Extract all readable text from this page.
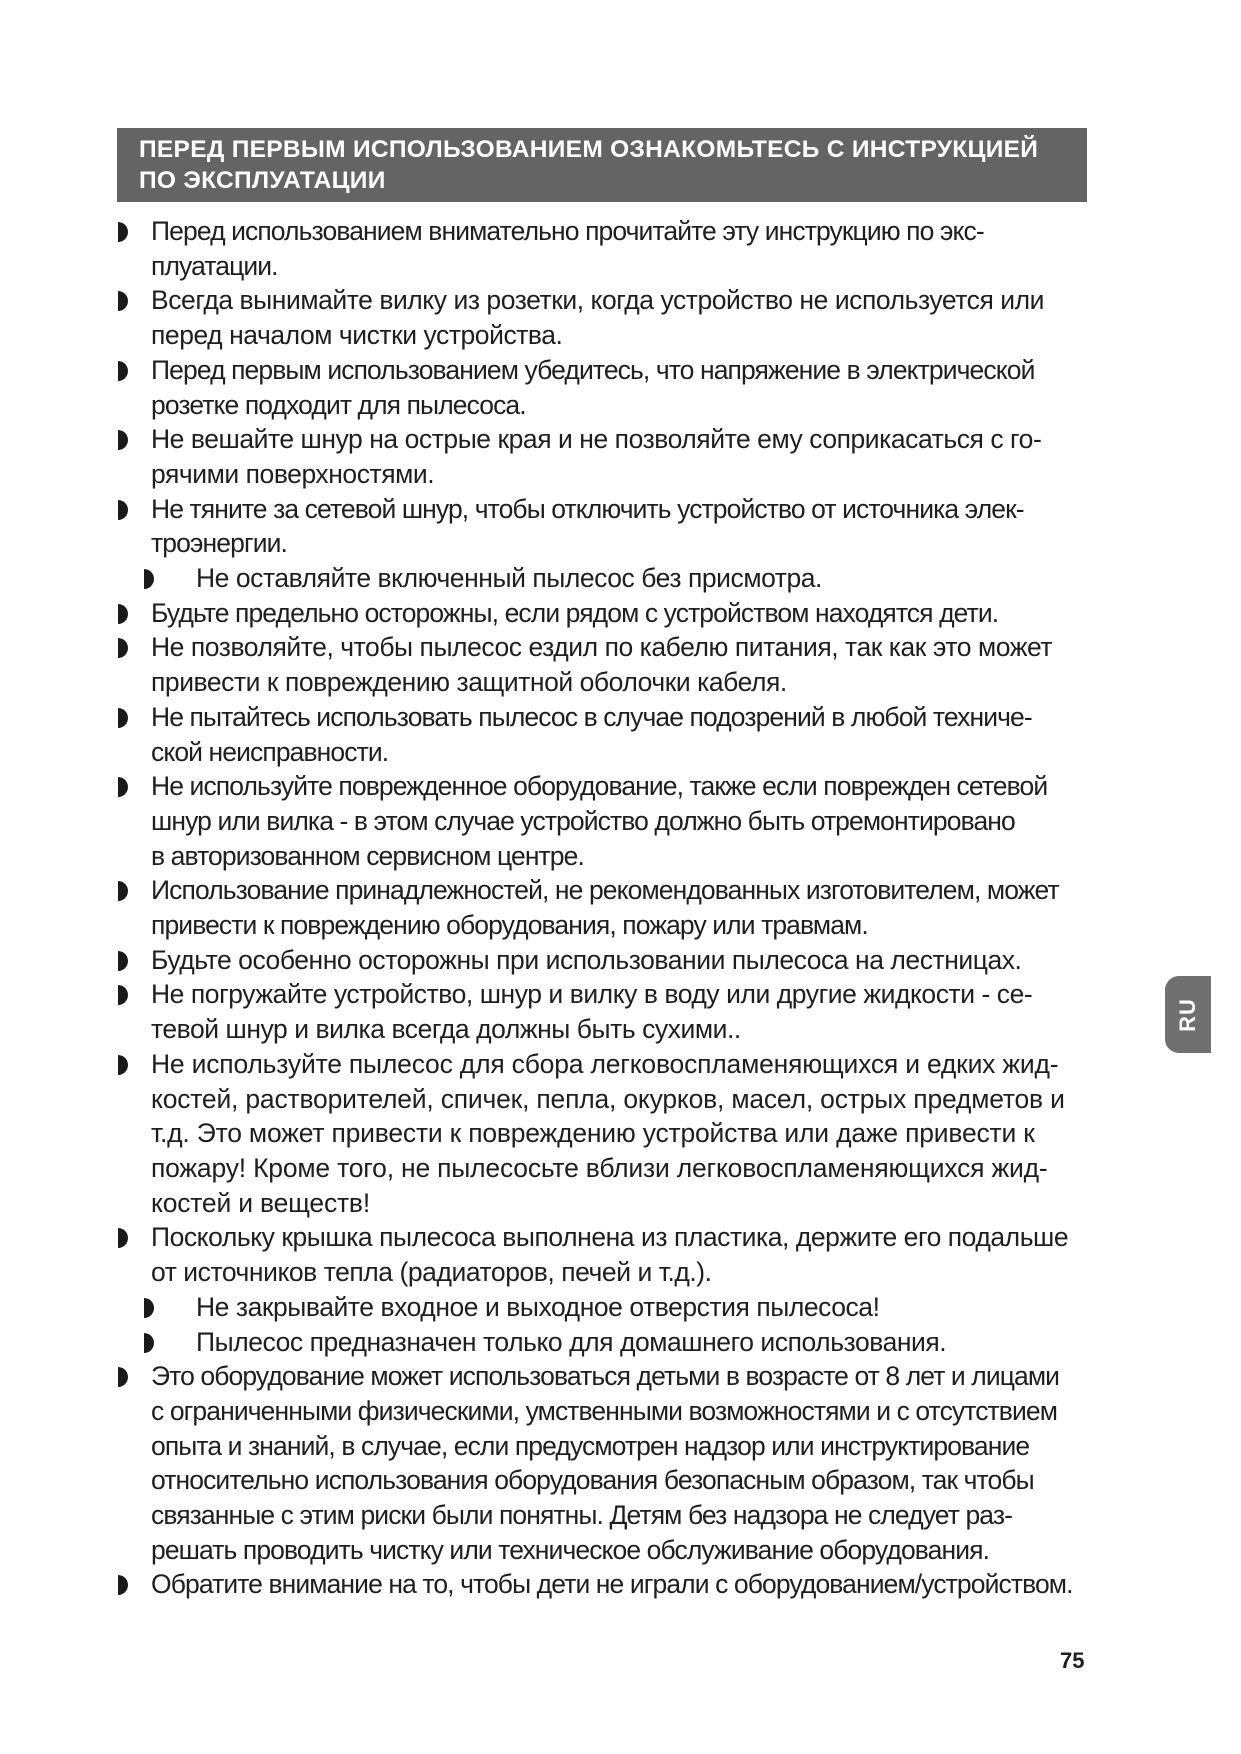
ПЕРЕД ПЕРВЫМ ИСПОЛЬЗОВАНИЕМ ОЗНАКОМЬТЕСЬ С ИНСТРУКЦИЕЙ

ПО ЭКСПЛУАТАЦИИ

Перед использованием внимательно прочитайте эту инструкцию по экс-
плуатации.
Всегда вынимайте вилку из розетки, когда устройство не используется или
перед началом чистки устройства.
Перед первым использованием убедитесь, что напряжение в электрической
розетке подходит для пылесоса.
Не вешайте шнур на острые края и не позволяйте ему соприкасаться с го-
рячими поверхностями.
Не тяните за сетевой шнур, чтобы отключить устройство от источника элек-
троэнергии.
Не оставляйте включенный пылесос без присмотра.
Будьте предельно осторожны, если рядом с устройством находятся дети.
Не позволяйте, чтобы пылесос ездил по кабелю питания, так как это может
привести к повреждению защитной оболочки кабеля.
Не пытайтесь использовать пылесос в случае подозрений в любой техниче-
ской неисправности.
Не используйте поврежденное оборудование, также если поврежден сетевой
шнур или вилка - в этом случае устройство должно быть отремонтировано
в авторизованном сервисном центре.
Использование принадлежностей, не рекомендованных изготовителем, может
привести к повреждению оборудования, пожару или травмам.
Будьте особенно осторожны при использовании пылесоса на лестницах.
Не погружайте устройство, шнур и вилку в воду или другие жидкости - се-
тевой шнур и вилка всегда должны быть сухими..
Не используйте пылесос для сбора легковоспламеняющихся и едких жид-
костей, растворителей, спичек, пепла, окурков, масел, острых предметов и
т.д. Это может привести к повреждению устройства или даже привести к
пожару! Кроме того, не пылесосьте вблизи легковоспламеняющихся жид-
костей и веществ!
Поскольку крышка пылесоса выполнена из пластика, держите его подальше
от источников тепла (радиаторов, печей и т.д.).
Не закрывайте входное и выходное отверстия пылесоса!
Пылесос предназначен только для домашнего использования.
Это оборудование может использоваться детьми в возрасте от 8 лет и лицами
с ограниченными физическими, умственными возможностями и с отсутствием
опыта и знаний, в случае, если предусмотрен надзор или инструктирование
относительно использования оборудования безопасным образом, так чтобы
связанные с этим риски были понятны. Детям без надзора не следует раз-
решать проводить чистку или техническое обслуживание оборудования.
Обратите внимание на то, чтобы дети не играли с оборудованием/устройством.
RU
75
